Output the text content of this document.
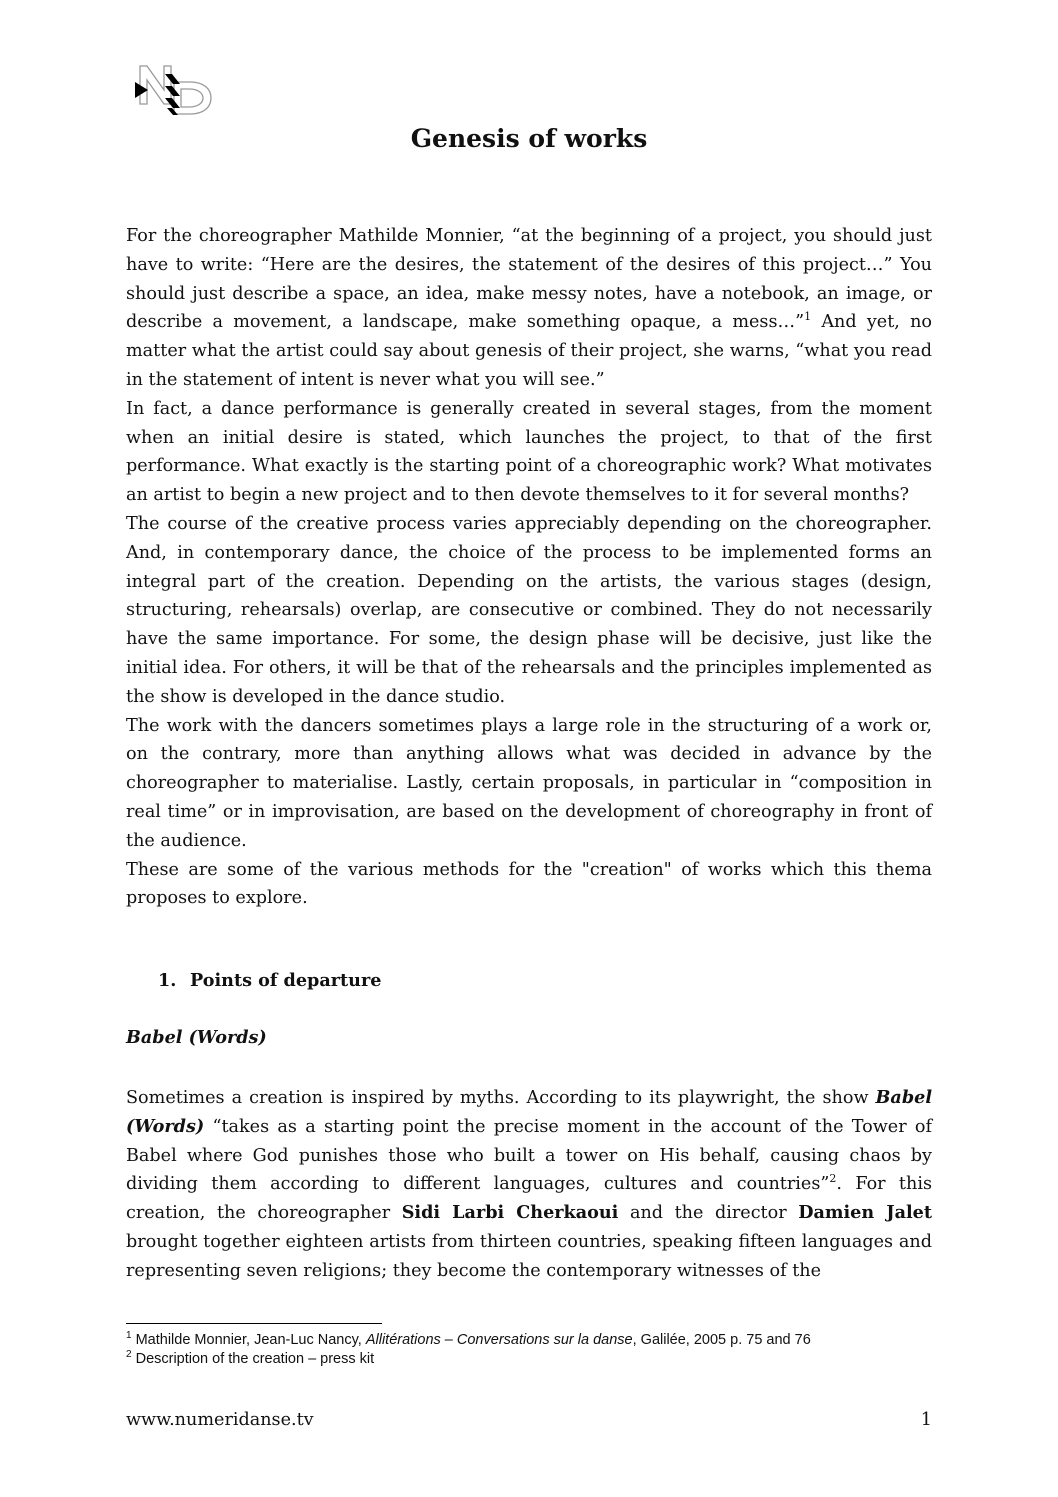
Genesis of works

For the choreographer Mathilde Monnier, “at the beginning of a project, you should just have to write: “Here are the desires, the statement of the desires of this project…” You should just describe a space, an idea, make messy notes, have a notebook, an image, or describe a movement, a landscape, make something opaque, a mess…”$^1$ And yet, no matter what the artist could say about genesis of their project, she warns, “what you read in the statement of intent is never what you will see.”

In fact, a dance performance is generally created in several stages, from the moment when an initial desire is stated, which launches the project, to that of the first performance. What exactly is the starting point of a choreographic work? What motivates an artist to begin a new project and to then devote themselves to it for several months?

The course of the creative process varies appreciably depending on the choreographer. And, in contemporary dance, the choice of the process to be implemented forms an integral part of the creation. Depending on the artists, the various stages (design, structuring, rehearsals) overlap, are consecutive or combined. They do not necessarily have the same importance. For some, the design phase will be decisive, just like the initial idea. For others, it will be that of the rehearsals and the principles implemented as the show is developed in the dance studio.

The work with the dancers sometimes plays a large role in the structuring of a work or, on the contrary, more than anything allows what was decided in advance by the choreographer to materialise. Lastly, certain proposals, in particular in “composition in real time” or in improvisation, are based on the development of choreography in front of the audience.

These are some of the various methods for the "creation" of works which this thema proposes to explore.

1. Points of departure
Babel (Words)

Sometimes a creation is inspired by myths. According to its playwright, the show Babel (Words) “takes as a starting point the precise moment in the account of the Tower of Babel where God punishes those who built a tower on His behalf, causing chaos by dividing them according to different languages, cultures and countries”$^2$. For this creation, the choreographer Sidi Larbi Cherkaoui and the director Damien Jalet brought together eighteen artists from thirteen countries, speaking fifteen languages and representing seven religions; they become the contemporary witnesses of the

$^1$ Mathilde Monnier, Jean-Luc Nancy, Allitérations – Conversations sur la danse, Galilée, 2005 p. 75 and 76
$^2$ Description of the creation – press kit
www.numeridanse.tv	1
